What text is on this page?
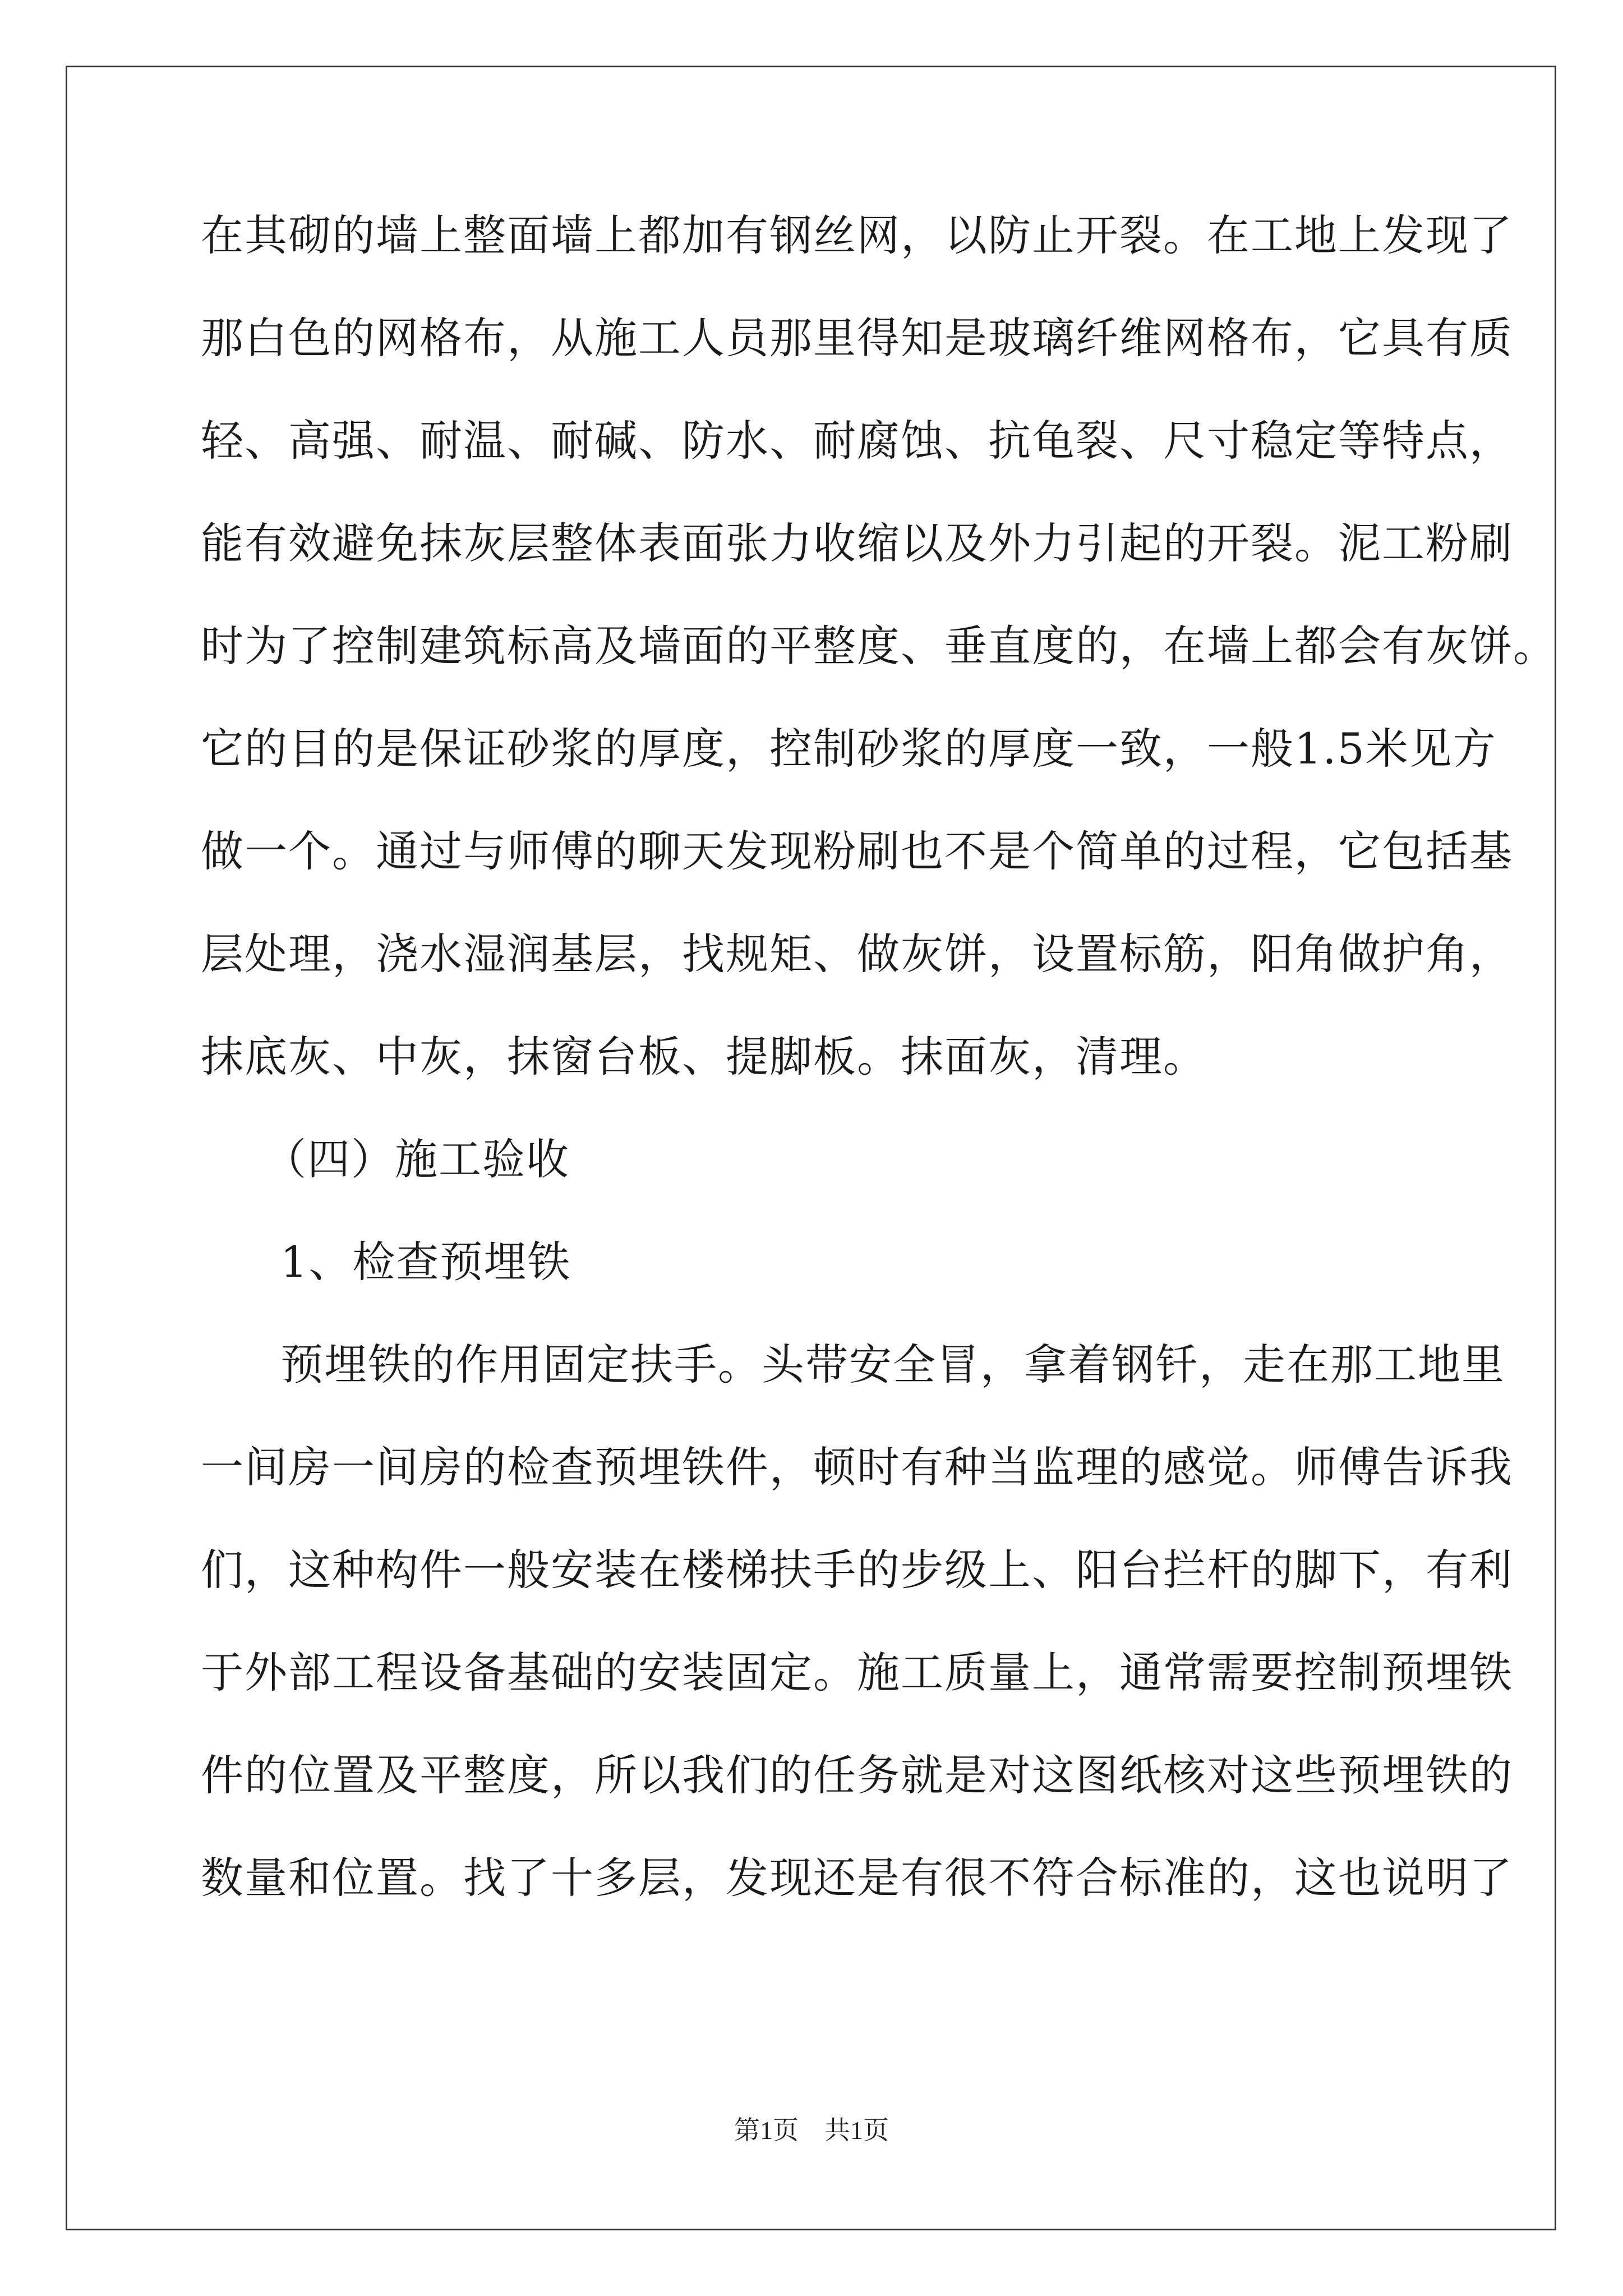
在其砌的墙上整面墙上都加有钢丝网，以防止开裂。在工地上发现了
那白色的网格布，从施工人员那里得知是玻璃纤维网格布，它具有质
轻、高强、耐温、耐碱、防水、耐腐蚀、抗龟裂、尺寸稳定等特点，
能有效避免抹灰层整体表面张力收缩以及外力引起的开裂。泥工粉刷
时为了控制建筑标高及墙面的平整度、垂直度的，在墙上都会有灰饼。
它的目的是保证砂浆的厚度，控制砂浆的厚度一致，一般1.5米见方
做一个。通过与师傅的聊天发现粉刷也不是个简单的过程，它包括基
层处理，浇水湿润基层，找规矩、做灰饼，设置标筋，阳角做护角，
抹底灰、中灰，抹窗台板、提脚板。抹面灰，清理。
（四）施工验收
1、检查预埋铁
预埋铁的作用固定扶手。头带安全冒，拿着钢钎，走在那工地里
一间房一间房的检查预埋铁件，顿时有种当监理的感觉。师傅告诉我
们，这种构件一般安装在楼梯扶手的步级上、阳台拦杆的脚下，有利
于外部工程设备基础的安装固定。施工质量上，通常需要控制预埋铁
件的位置及平整度，所以我们的任务就是对这图纸核对这些预埋铁的
数量和位置。找了十多层，发现还是有很不符合标准的，这也说明了
第1页　共1页
